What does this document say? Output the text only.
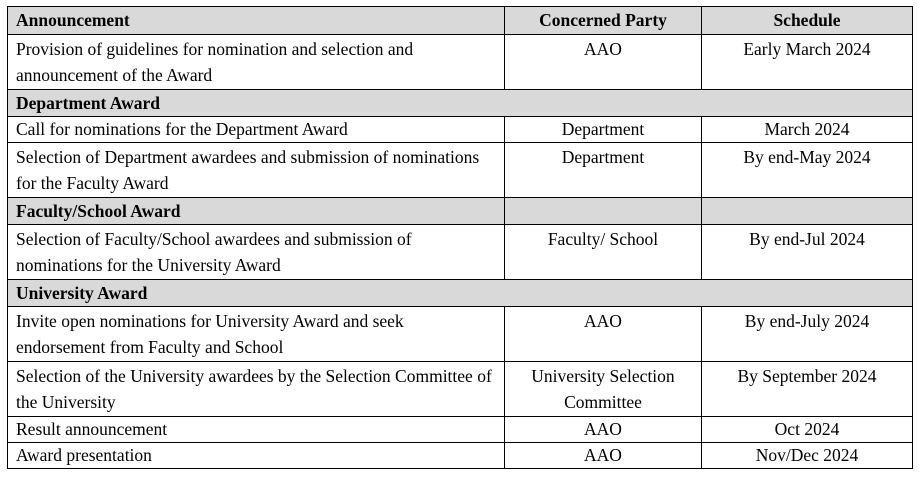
Announcement	Concerned Party	Schedule
Provision of guidelines for nomination and selection and announcement of the Award	AAO	Early March 2024
Department Award		
Call for nominations for the Department Award	Department	March 2024
Selection of Department awardees and submission of nominations for the Faculty Award	Department	By end-May 2024
Faculty/School Award		
Selection of Faculty/School awardees and submission of nominations for the University Award	Faculty/ School	By end-Jul 2024
University Award		
Invite open nominations for University Award and seek endorsement from Faculty and School	AAO	By end-July 2024
Selection of the University awardees by the Selection Committee of the University	University Selection Committee	By September 2024
Result announcement	AAO	Oct 2024
Award presentation	AAO	Nov/Dec 2024
